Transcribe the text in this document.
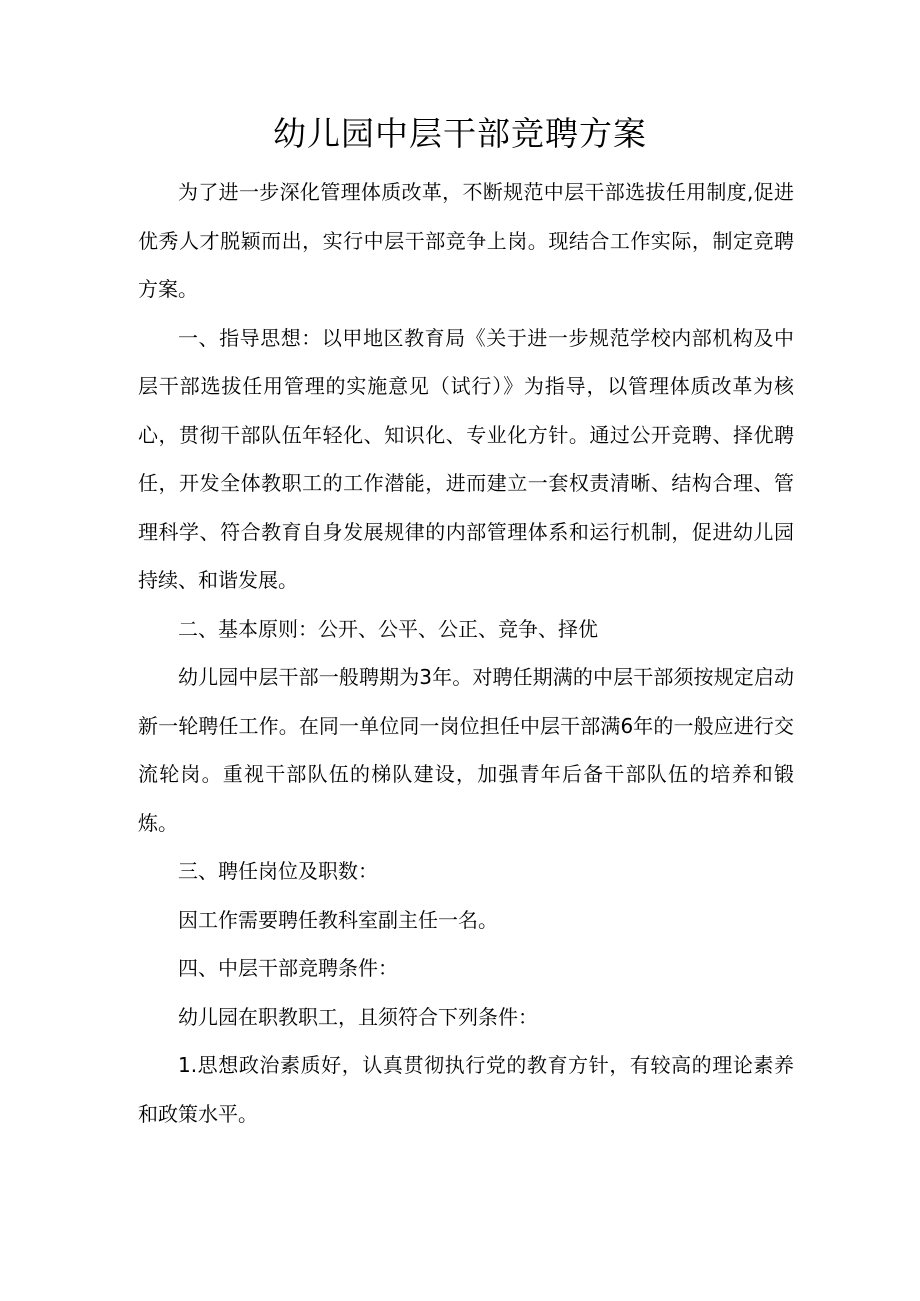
幼儿园中层干部竞聘方案

为了进一步深化管理体质改革，不断规范中层干部选拔任用制度,促进优秀人才脱颖而出，实行中层干部竞争上岗。现结合工作实际，制定竞聘方案。

一、指导思想：以甲地区教育局《关于进一步规范学校内部机构及中层干部选拔任用管理的实施意见（试行）》为指导，以管理体质改革为核心，贯彻干部队伍年轻化、知识化、专业化方针。通过公开竞聘、择优聘任，开发全体教职工的工作潜能，进而建立一套权责清晰、结构合理、管理科学、符合教育自身发展规律的内部管理体系和运行机制，促进幼儿园持续、和谐发展。

二、基本原则：公开、公平、公正、竞争、择优

幼儿园中层干部一般聘期为3年。对聘任期满的中层干部须按规定启动新一轮聘任工作。在同一单位同一岗位担任中层干部满6年的一般应进行交流轮岗。重视干部队伍的梯队建设，加强青年后备干部队伍的培养和锻炼。

三、聘任岗位及职数：

因工作需要聘任教科室副主任一名。

四、中层干部竞聘条件：

幼儿园在职教职工，且须符合下列条件：

1.思想政治素质好，认真贯彻执行党的教育方针，有较高的理论素养和政策水平。
